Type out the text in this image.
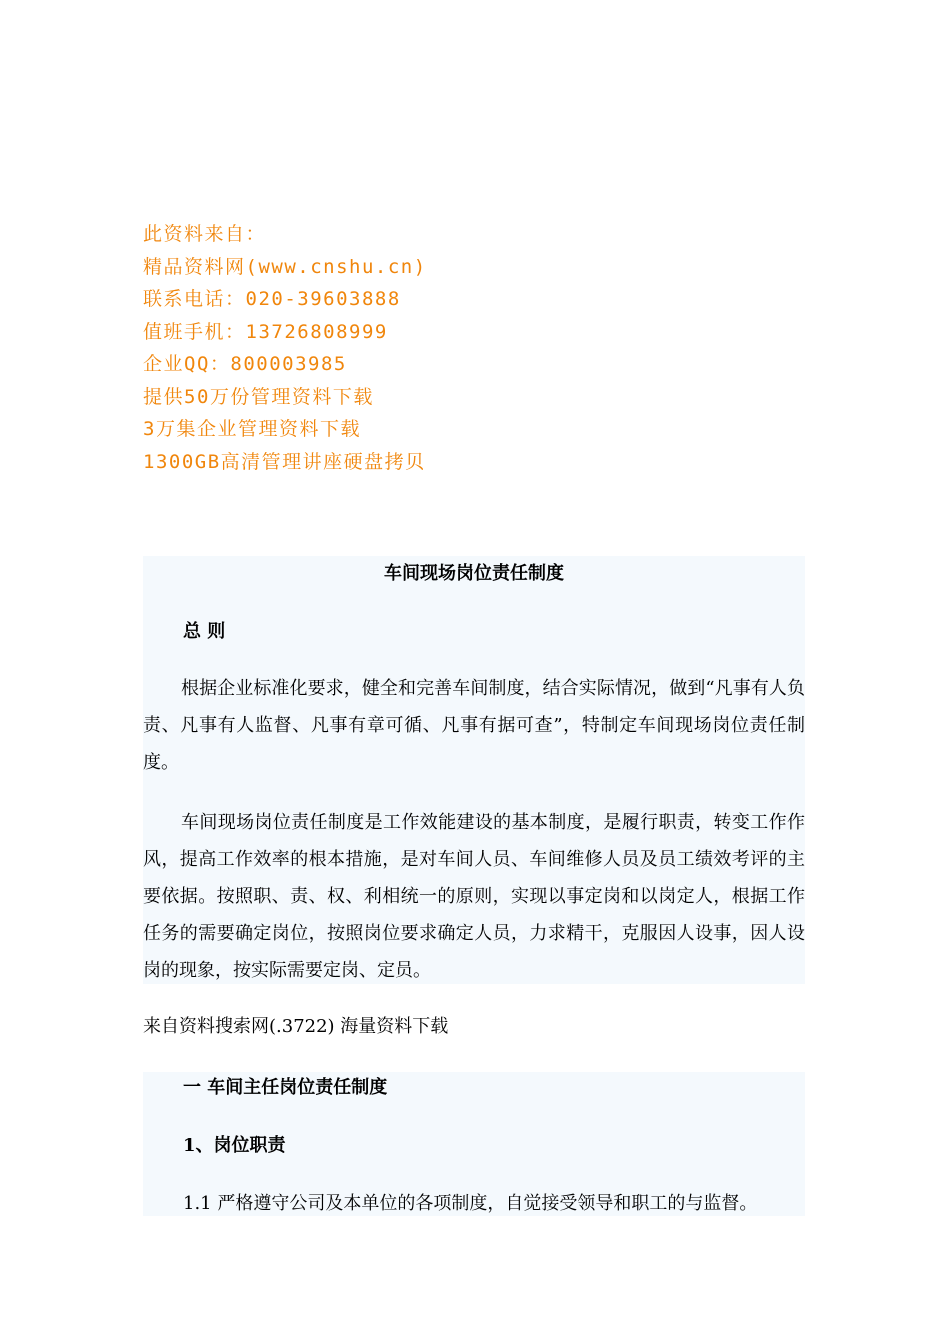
此资料来自：
精品资料网(www.cnshu.cn)
联系电话：020-39603888
值班手机：13726808999
企业QQ：800003985
提供50万份管理资料下载
3万集企业管理资料下载
1300GB高清管理讲座硬盘拷贝
车间现场岗位责任制度
总 则

根据企业标准化要求，健全和完善车间制度，结合实际情况，做到“凡事有人负责、凡事有人监督、凡事有章可循、凡事有据可查”，特制定车间现场岗位责任制度。

车间现场岗位责任制度是工作效能建设的基本制度，是履行职责，转变工作作风，提高工作效率的根本措施，是对车间人员、车间维修人员及员工绩效考评的主要依据。按照职、责、权、利相统一的原则，实现以事定岗和以岗定人，根据工作任务的需要确定岗位，按照岗位要求确定人员，力求精干，克服因人设事，因人设岗的现象，按实际需要定岗、定员。

来自资料搜索网(.3722) 海量资料下载
一 车间主任岗位责任制度
1、岗位职责
1.1 严格遵守公司及本单位的各项制度，自觉接受领导和职工的与监督。
